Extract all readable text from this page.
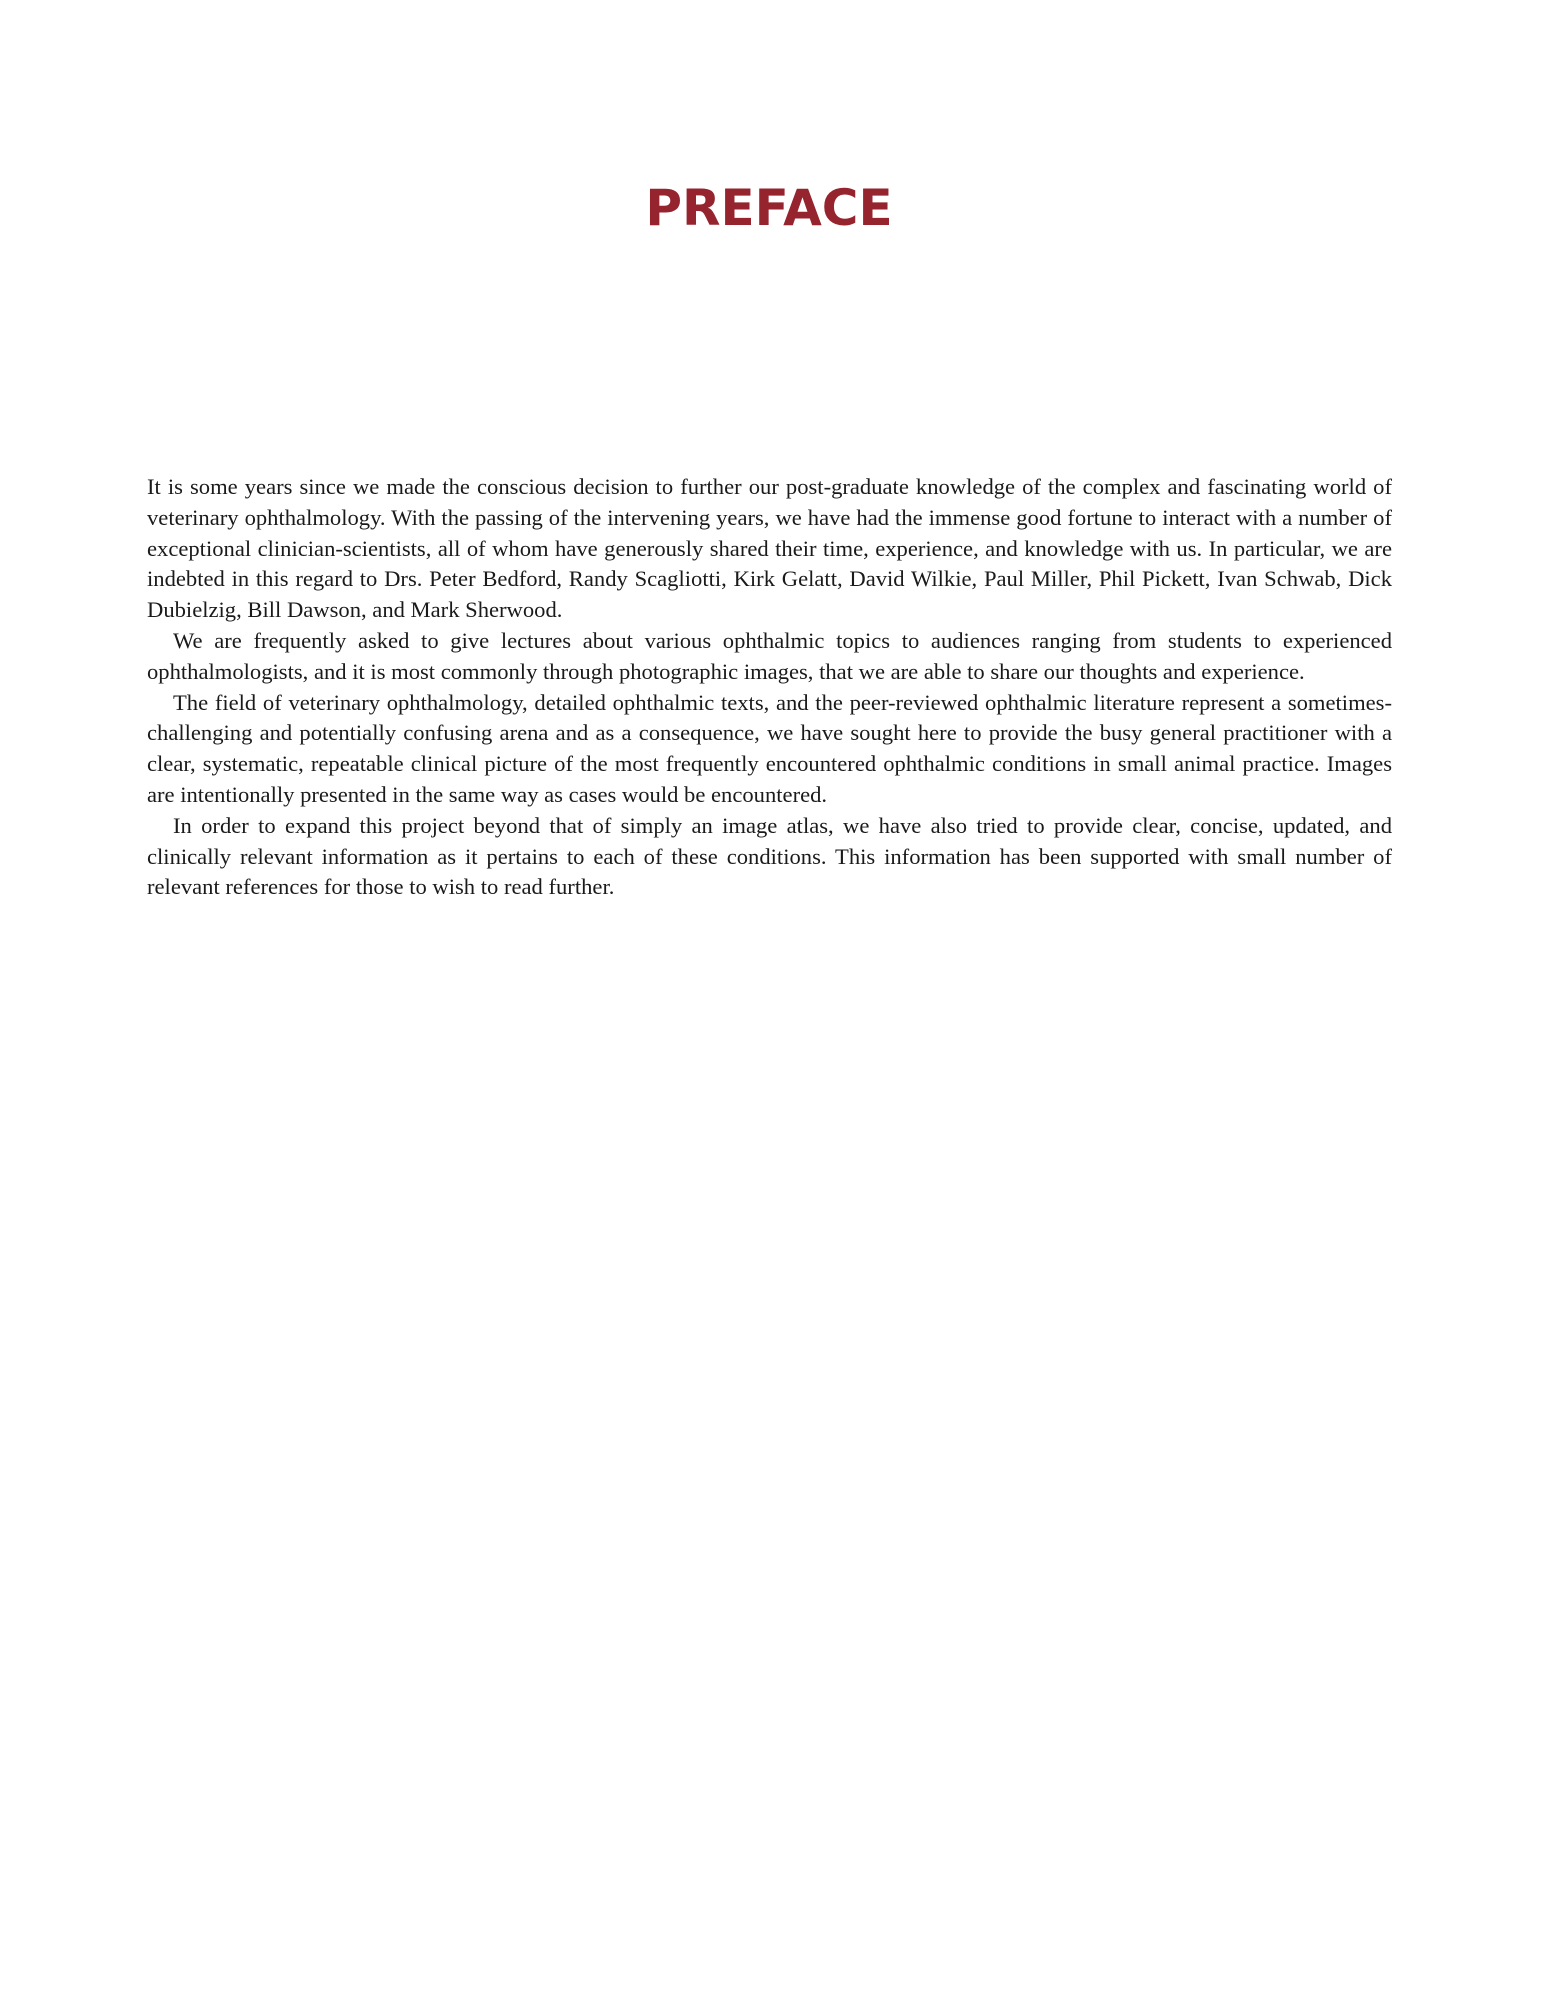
PREFACE

It is some years since we made the conscious decision to further our post-graduate knowledge of the complex and fascinating world of veterinary ophthalmology. With the passing of the intervening years, we have had the immense good fortune to interact with a number of exceptional clinician-scientists, all of whom have generously shared their time, experience, and knowledge with us. In particular, we are indebted in this regard to Drs. Peter Bedford, Randy Scagliotti, Kirk Gelatt, David Wilkie, Paul Miller, Phil Pickett, Ivan Schwab, Dick Dubielzig, Bill Dawson, and Mark Sherwood.

We are frequently asked to give lectures about various ophthalmic topics to audiences ranging from students to experienced ophthalmologists, and it is most commonly through photographic images, that we are able to share our thoughts and experience.

The field of veterinary ophthalmology, detailed ophthalmic texts, and the peer-reviewed ophthalmic literature represent a sometimes-challenging and potentially confusing arena and as a consequence, we have sought here to provide the busy general practitioner with a clear, systematic, repeatable clinical picture of the most frequently encountered ophthalmic conditions in small animal practice. Images are intentionally presented in the same way as cases would be encountered.

In order to expand this project beyond that of simply an image atlas, we have also tried to provide clear, concise, updated, and clinically relevant information as it pertains to each of these conditions. This information has been supported with small number of relevant references for those to wish to read further.
